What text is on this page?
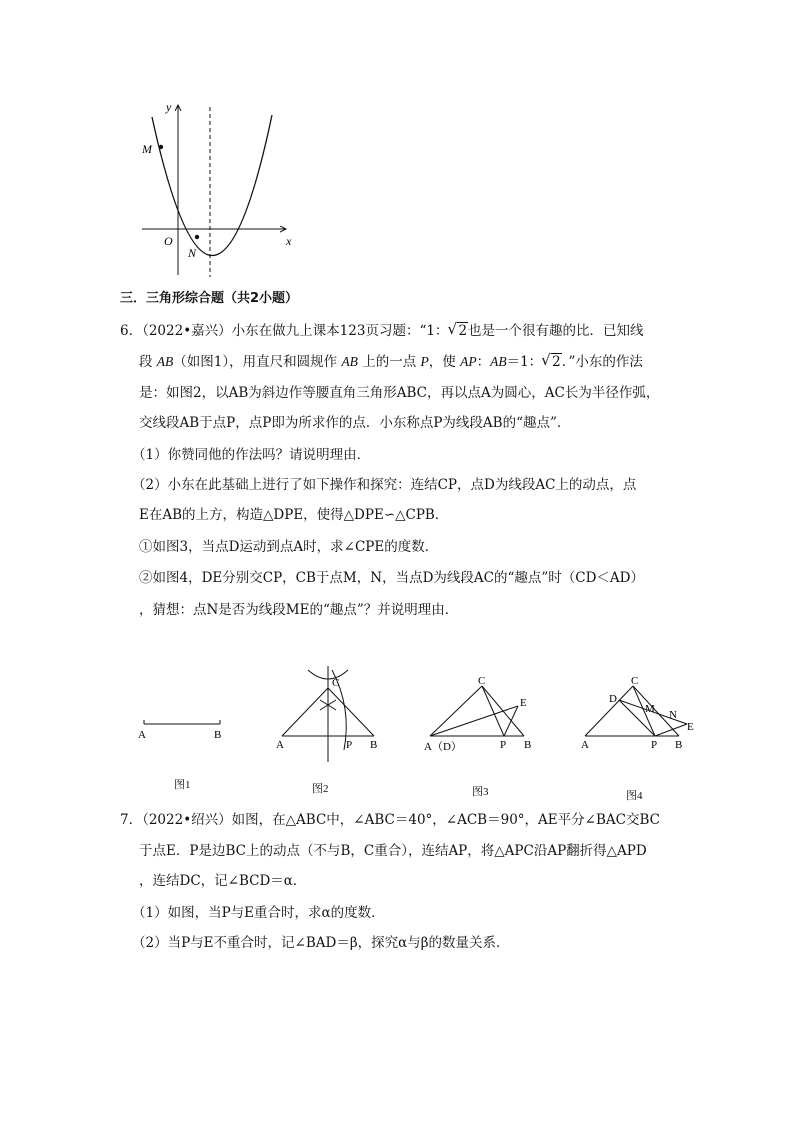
y
x
O
M
N
三．三角形综合题（共2小题）
6．（2022•嘉兴）小东在做九上课本123页习题：“1： √ 2也是一个很有趣的比．已知线
段 AB（如图1），用直尺和圆规作 AB 上的一点 P，使 AP：AB＝1： √ 2．”小东的作法
是：如图2，以AB为斜边作等腰直角三角形ABC，再以点A为圆心，AC长为半径作弧，
交线段AB于点P，点P即为所求作的点．小东称点P为线段AB的“趣点”．
（1）你赞同他的作法吗？请说明理由．
（2）小东在此基础上进行了如下操作和探究：连结CP，点D为线段AC上的动点，点
E在AB的上方，构造△DPE，使得△DPE∽△CPB．
①如图3，当点D运动到点A时，求∠CPE的度数．
②如图4，DE分别交CP，CB于点M，N，当点D为线段AC的“趣点”时（CD＜AD）
，猜想：点N是否为线段ME的“趣点”？并说明理由．
A	B
图1
A	B
C
P
图2
A（D）	B
C
P
E
图3
A	B
C
P
D
M N
E
图4
7．（2022•绍兴）如图，在△ABC中，∠ABC＝40°，∠ACB＝90°，AE平分∠BAC交BC
于点E．P是边BC上的动点（不与B，C重合），连结AP，将△APC沿AP翻折得△APD
，连结DC，记∠BCD＝α．
（1）如图，当P与E重合时，求α的度数．
（2）当P与E不重合时，记∠BAD＝β，探究α与β的数量关系．
